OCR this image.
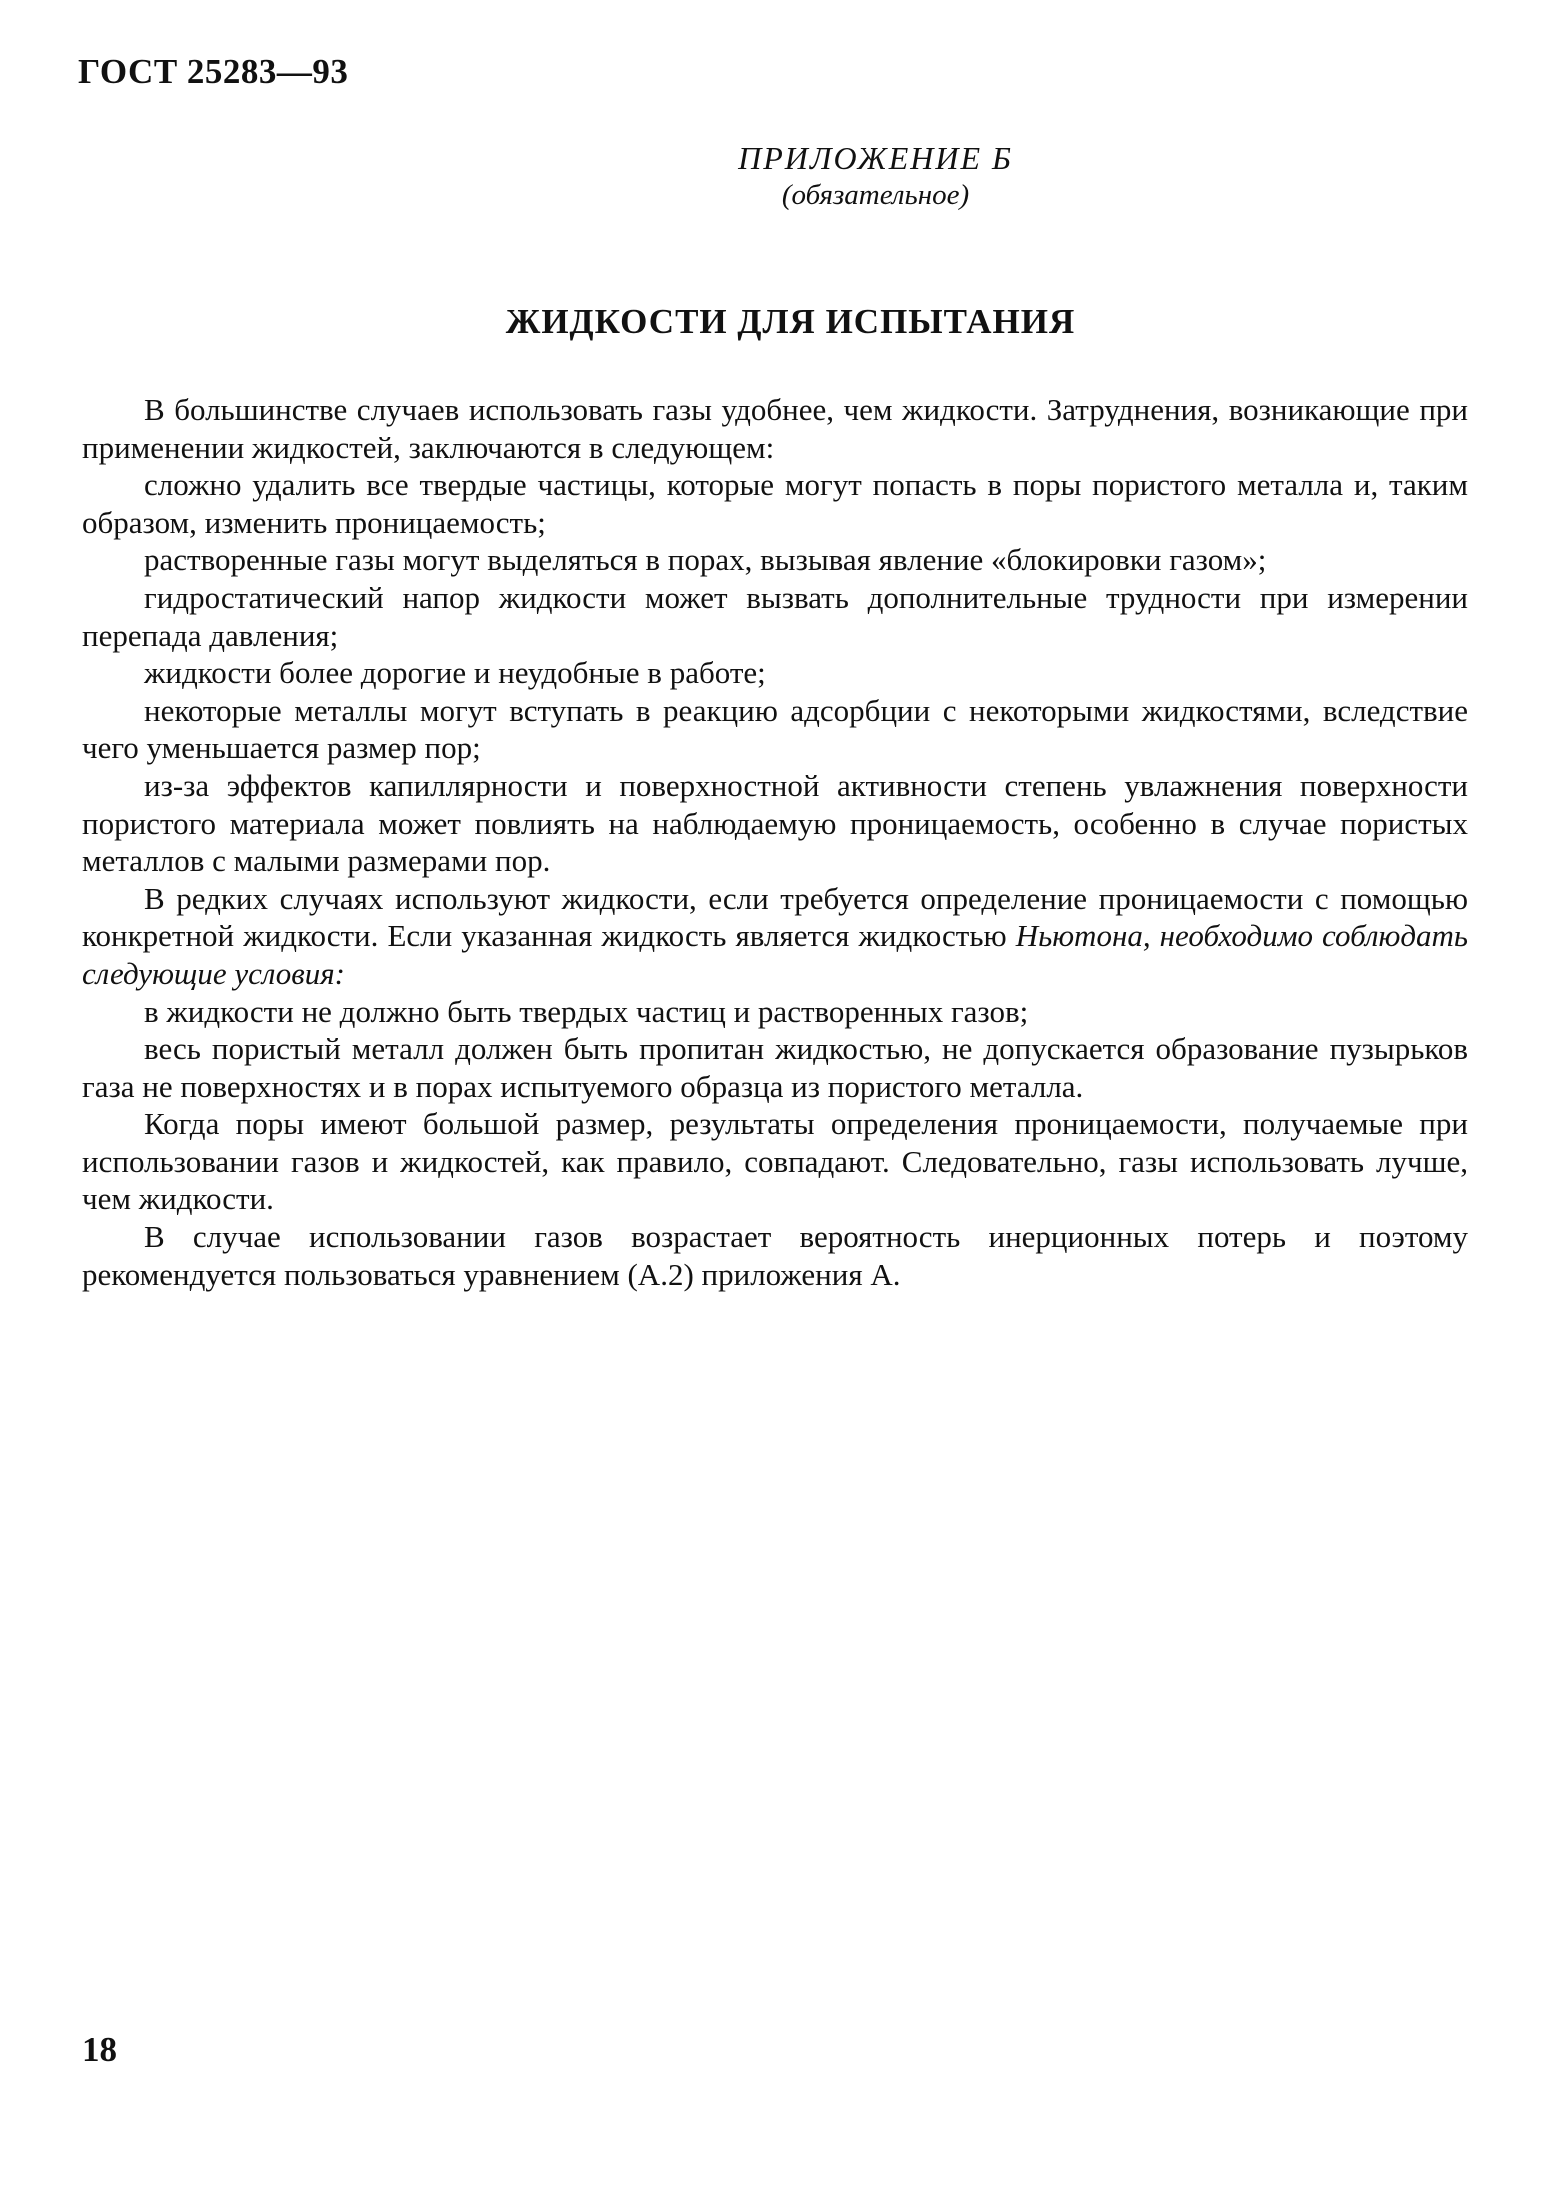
ГОСТ 25283—93
ПРИЛОЖЕНИЕ Б
(обязательное)
ЖИДКОСТИ ДЛЯ ИСПЫТАНИЯ

В большинстве случаев использовать газы удобнее, чем жидкости. Затруднения, возникающие при применении жидкостей, заключаются в следующем:

сложно удалить все твердые частицы, которые могут попасть в поры пористого металла и, таким образом, изменить проницаемость;

растворенные газы могут выделяться в порах, вызывая явление «блокировки газом»;

гидростатический напор жидкости может вызвать дополнительные трудности при измерении перепада давления;

жидкости более дорогие и неудобные в работе;

некоторые металлы могут вступать в реакцию адсорбции с некоторыми жидкостями, вследствие чего уменьшается размер пор;

из-за эффектов капиллярности и поверхностной активности степень увлажнения поверхности пористого материала может повлиять на наблюдаемую проницаемость, особенно в случае пористых металлов с малыми размерами пор.

В редких случаях используют жидкости, если требуется определение проницаемости с помощью конкретной жидкости. Если указанная жидкость является жидкостью Ньютона, необходимо соблюдать следующие условия:

в жидкости не должно быть твердых частиц и растворенных газов;

весь пористый металл должен быть пропитан жидкостью, не допускается образование пузырьков газа не поверхностях и в порах испытуемого образца из пористого металла.

Когда поры имеют большой размер, результаты определения проницаемости, получаемые при использовании газов и жидкостей, как правило, совпадают. Следовательно, газы использовать лучше, чем жидкости.

В случае использовании газов возрастает вероятность инерционных потерь и поэтому рекомендуется пользоваться уравнением (А.2) приложения А.

18
